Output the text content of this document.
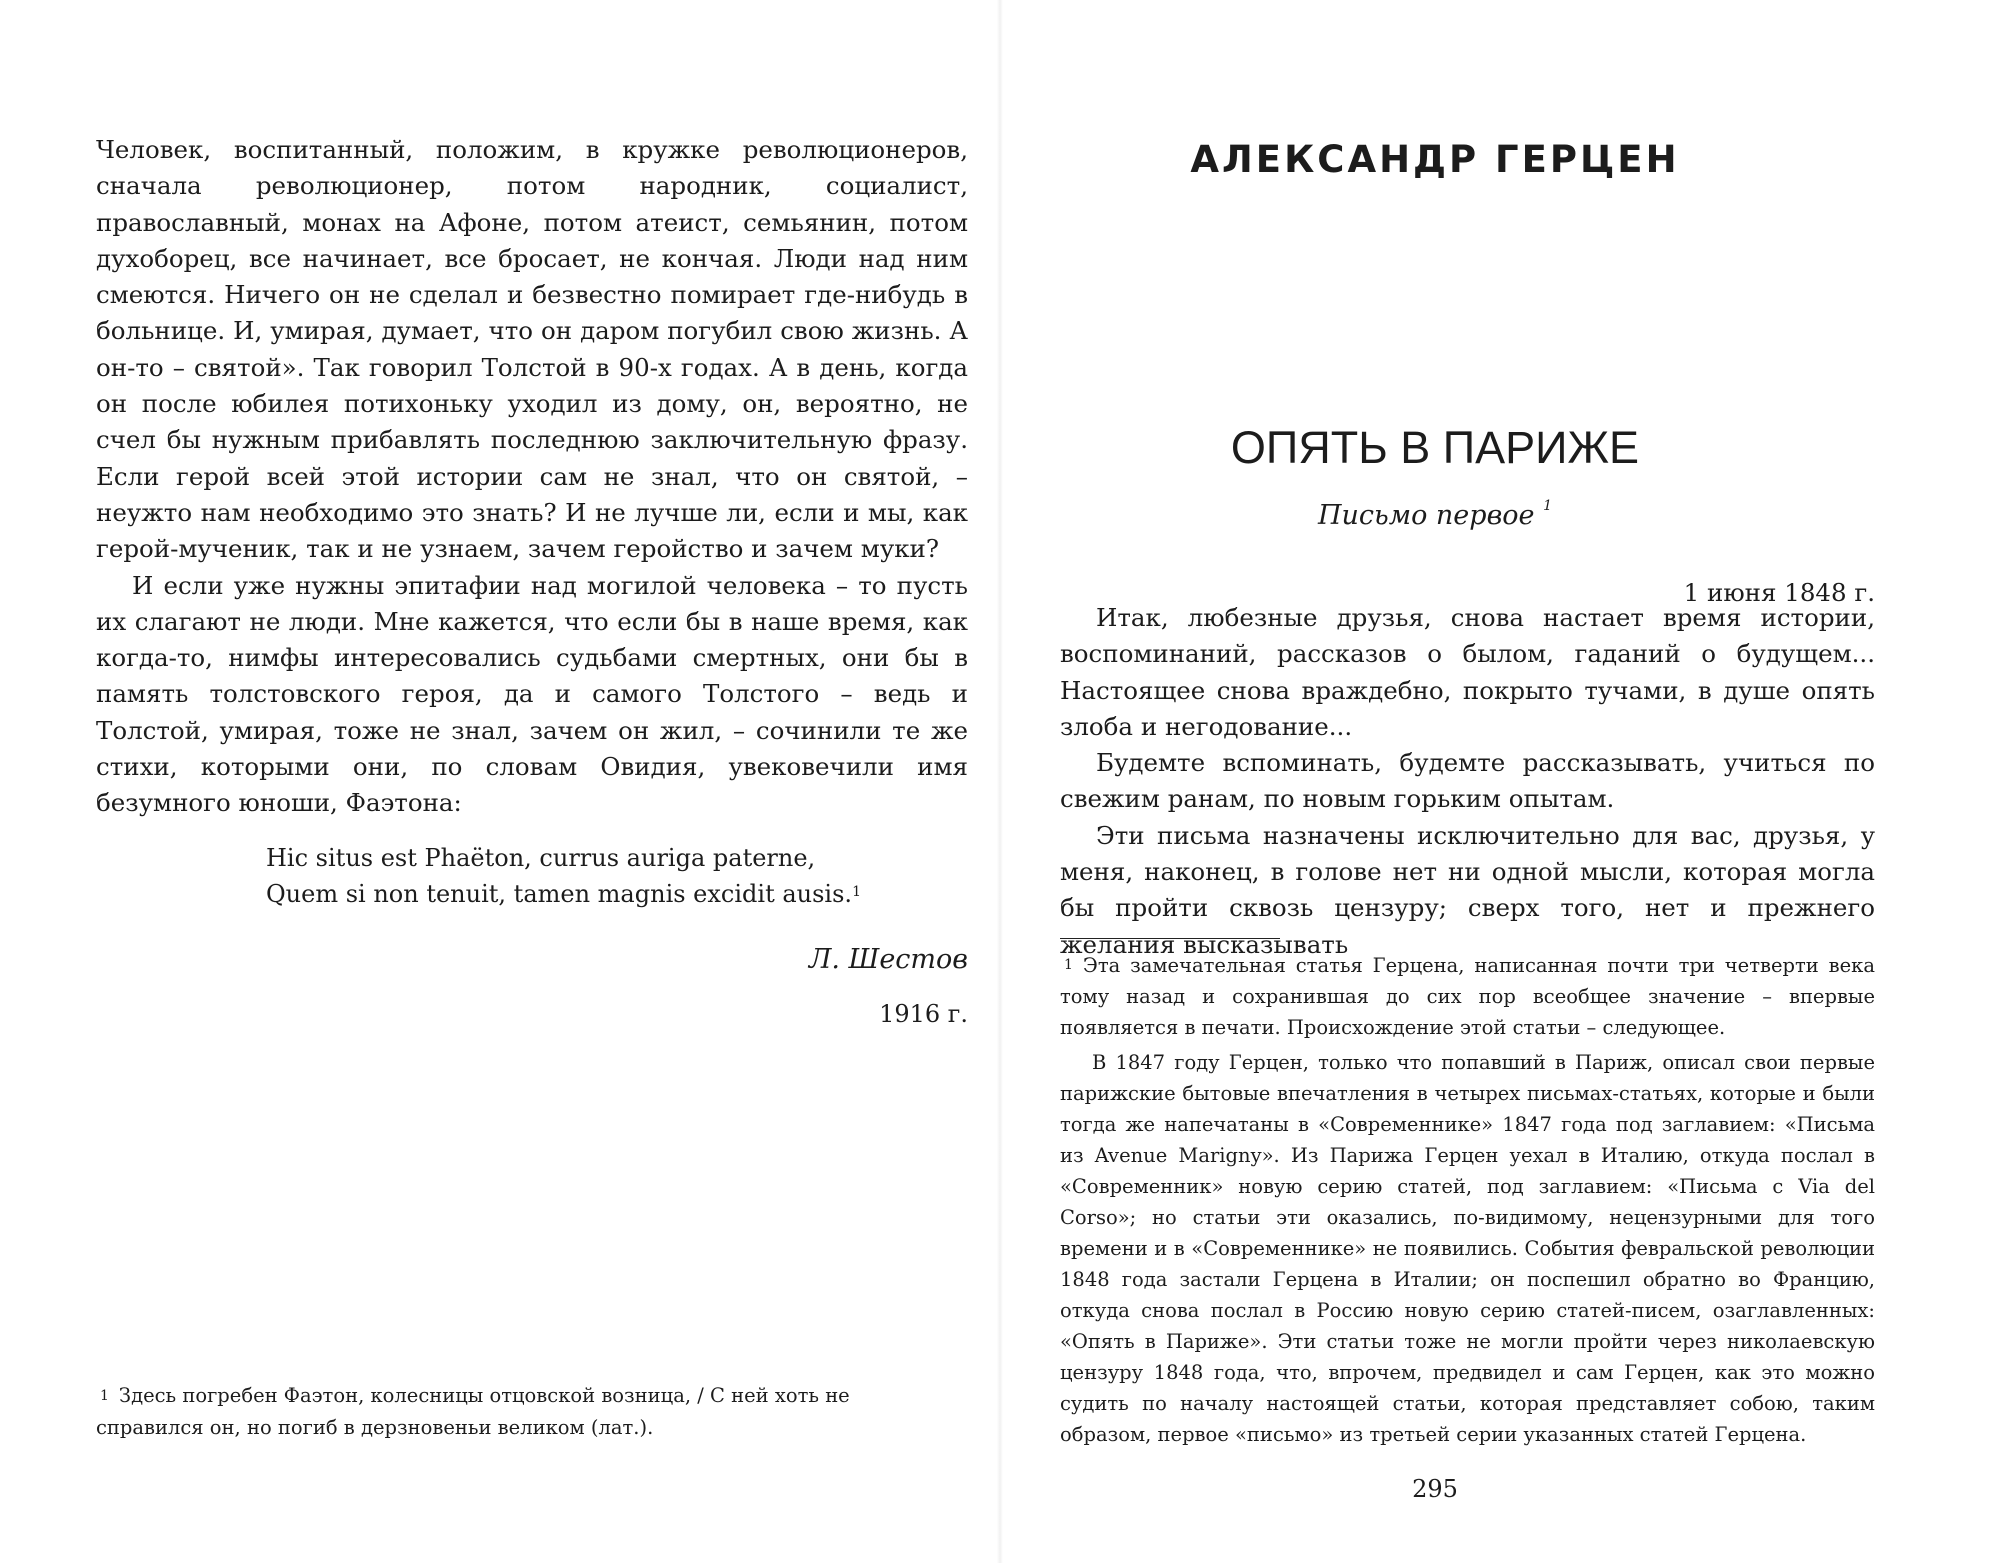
Человек, воспитанный, положим, в кружке революционеров, сначала революционер, потом народник, социалист, православный, монах на Афоне, потом атеист, семьянин, потом духоборец, все начинает, все бросает, не кончая. Люди над ним смеются. Ничего он не сделал и безвестно помирает где-нибудь в больнице. И, умирая, думает, что он даром погубил свою жизнь. А он-то – святой». Так говорил Толстой в 90-х годах. А в день, когда он после юбилея потихоньку уходил из дому, он, вероятно, не счел бы нужным прибавлять последнюю заключительную фразу. Если герой всей этой истории сам не знал, что он святой, – неужто нам необходимо это знать? И не лучше ли, если и мы, как герой-мученик, так и не узнаем, зачем геройство и зачем муки?

И если уже нужны эпитафии над могилой человека – то пусть их слагают не люди. Мне кажется, что если бы в наше время, как когда-то, нимфы интересовались судьбами смертных, они бы в память толстовского героя, да и самого Толстого – ведь и Толстой, умирая, тоже не знал, зачем он жил, – сочинили те же стихи, которыми они, по словам Овидия, увековечили имя безумного юноши, Фаэтона:

Hic situs est Phaëton, currus auriga paterne,

Quem si non tenuit, tamen magnis excidit ausis.$^1$

Л. Шестов

1916 г.

$^1$ Здесь погребен Фаэтон, колесницы отцовской возница, / С ней хоть не справился он, но погиб в дерзновеньи великом (лат.).

АЛЕКСАНДР ГЕРЦЕН
ОПЯТЬ В ПАРИЖЕ

Письмо первое $^1$

1 июня 1848 г.

Итак, любезные друзья, снова настает время истории, воспоминаний, рассказов о былом, гаданий о будущем... Настоящее снова враждебно, покрыто тучами, в душе опять злоба и негодование...

Будемте вспоминать, будемте рассказывать, учиться по свежим ранам, по новым горьким опытам.

Эти письма назначены исключительно для вас, друзья, у меня, наконец, в голове нет ни одной мысли, которая могла бы пройти сквозь цензуру; сверх того, нет и прежнего желания высказывать

$^1$ Эта замечательная статья Герцена, написанная почти три четверти века тому назад и сохранившая до сих пор всеобщее значение – впервые появляется в печати. Происхождение этой статьи – следующее.

В 1847 году Герцен, только что попавший в Париж, описал свои первые парижские бытовые впечатления в четырех письмах-статьях, которые и были тогда же напечатаны в «Современнике» 1847 года под заглавием: «Письма из Avenue Marigny». Из Парижа Герцен уехал в Италию, откуда послал в «Современник» новую серию статей, под заглавием: «Письма с Via del Corso»; но статьи эти оказались, по-видимому, нецензурными для того времени и в «Современнике» не появились. События февральской революции 1848 года застали Герцена в Италии; он поспешил обратно во Францию, откуда снова послал в Россию новую серию статей-писем, озаглавленных: «Опять в Париже». Эти статьи тоже не могли пройти через николаевскую цензуру 1848 года, что, впрочем, предвидел и сам Герцен, как это можно судить по началу настоящей статьи, которая представляет собою, таким образом, первое «письмо» из третьей серии указанных статей Герцена.

295
